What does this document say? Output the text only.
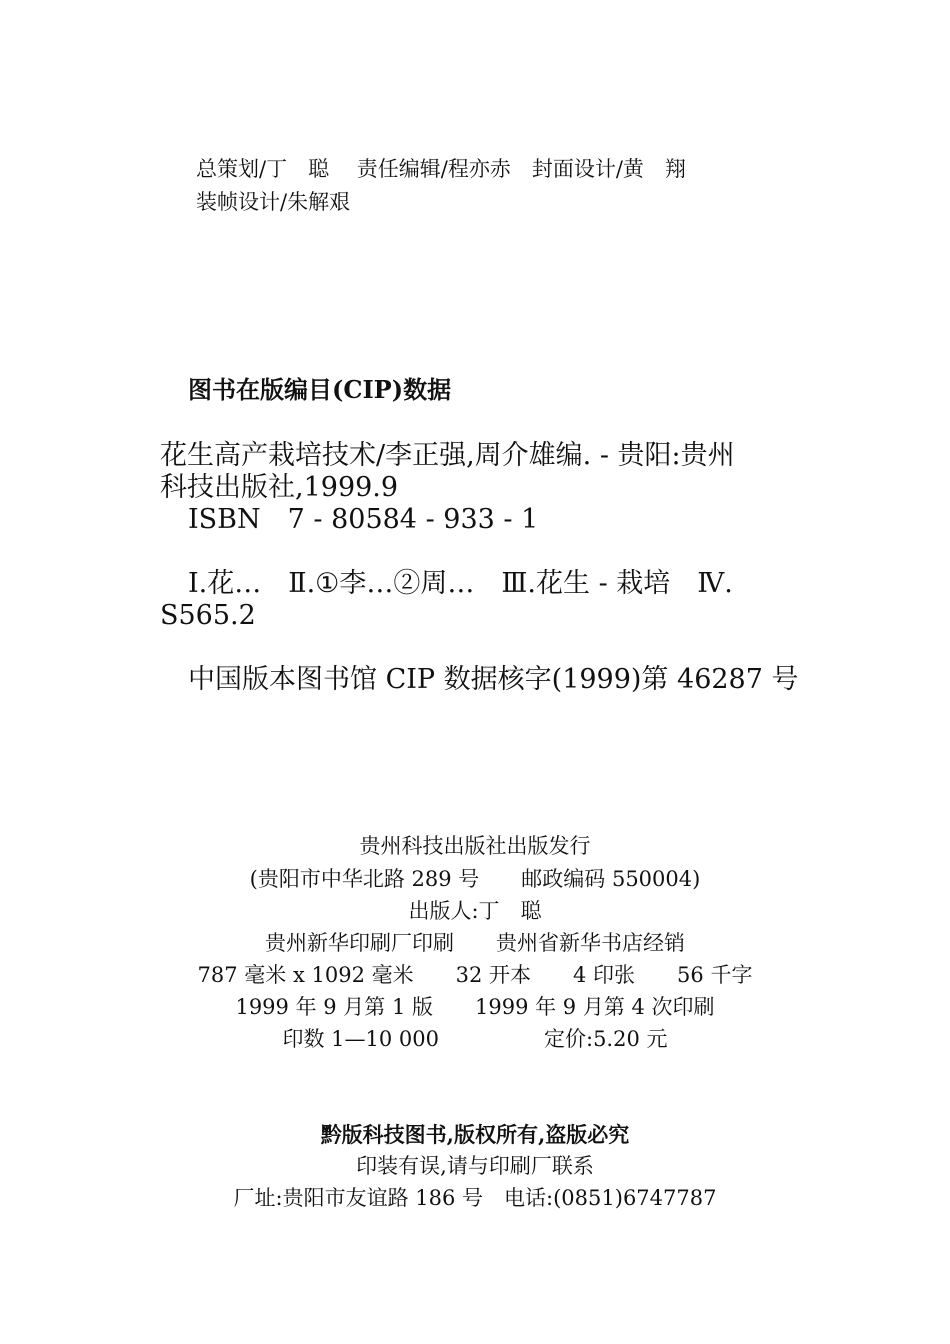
总策划/丁　聪　 责任编辑/程亦赤　封面设计/黄　翔
装帧设计/朱解艰
图书在版编目(CIP)数据
花生高产栽培技术/李正强,周介雄编. - 贵阳:贵州
科技出版社,1999.9
ISBN　7 - 80584 - 933 - 1
Ⅰ.花…　Ⅱ.①李…②周…　Ⅲ.花生 - 栽培　Ⅳ.
S565.2
中国版本图书馆 CIP 数据核字(1999)第 46287 号
贵州科技出版社出版发行
(贵阳市中华北路 289 号　　邮政编码 550004)
出版人:丁　聪
贵州新华印刷厂印刷　　贵州省新华书店经销
787 毫米 x 1092 毫米　　32 开本　　4 印张　　56 千字
1999 年 9 月第 1 版　　1999 年 9 月第 4 次印刷
印数 1—10 000　　　　　定价:5.20 元
黔版科技图书,版权所有,盗版必究
印装有误,请与印刷厂联系
厂址:贵阳市友谊路 186 号　电话:(0851)6747787
